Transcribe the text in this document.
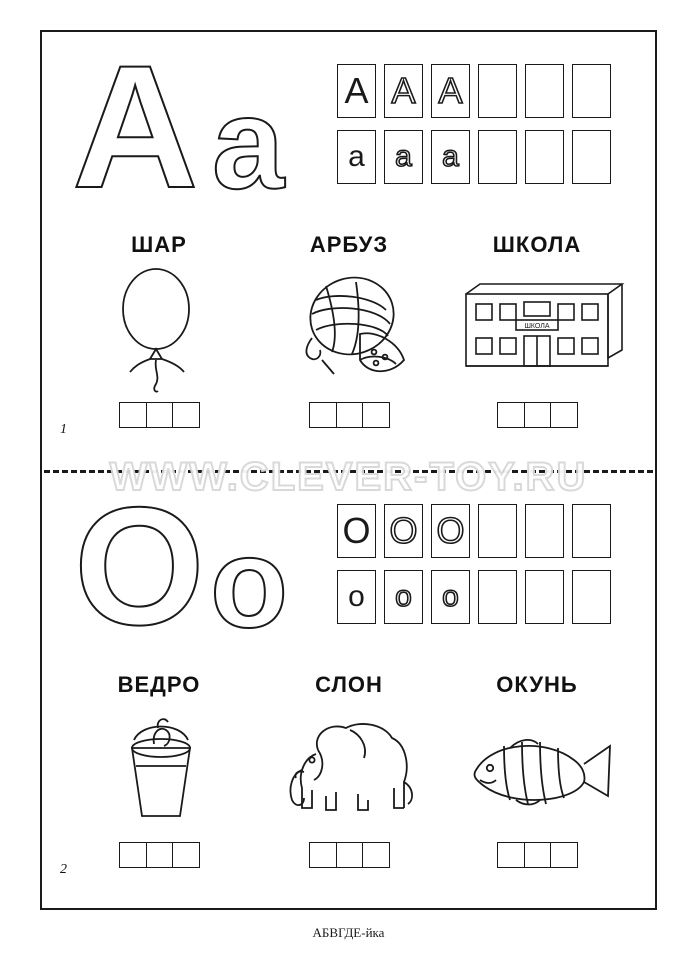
А а А А А
а	а	а
ШАР	АРБУЗ	ШКОЛА
ШКОЛА
1
О о О О О
о	о	о
ВЕДРО	СЛОН	ОКУНЬ
2
WWW.CLEVER-TOY.RU
АБВГДЕ-йка
